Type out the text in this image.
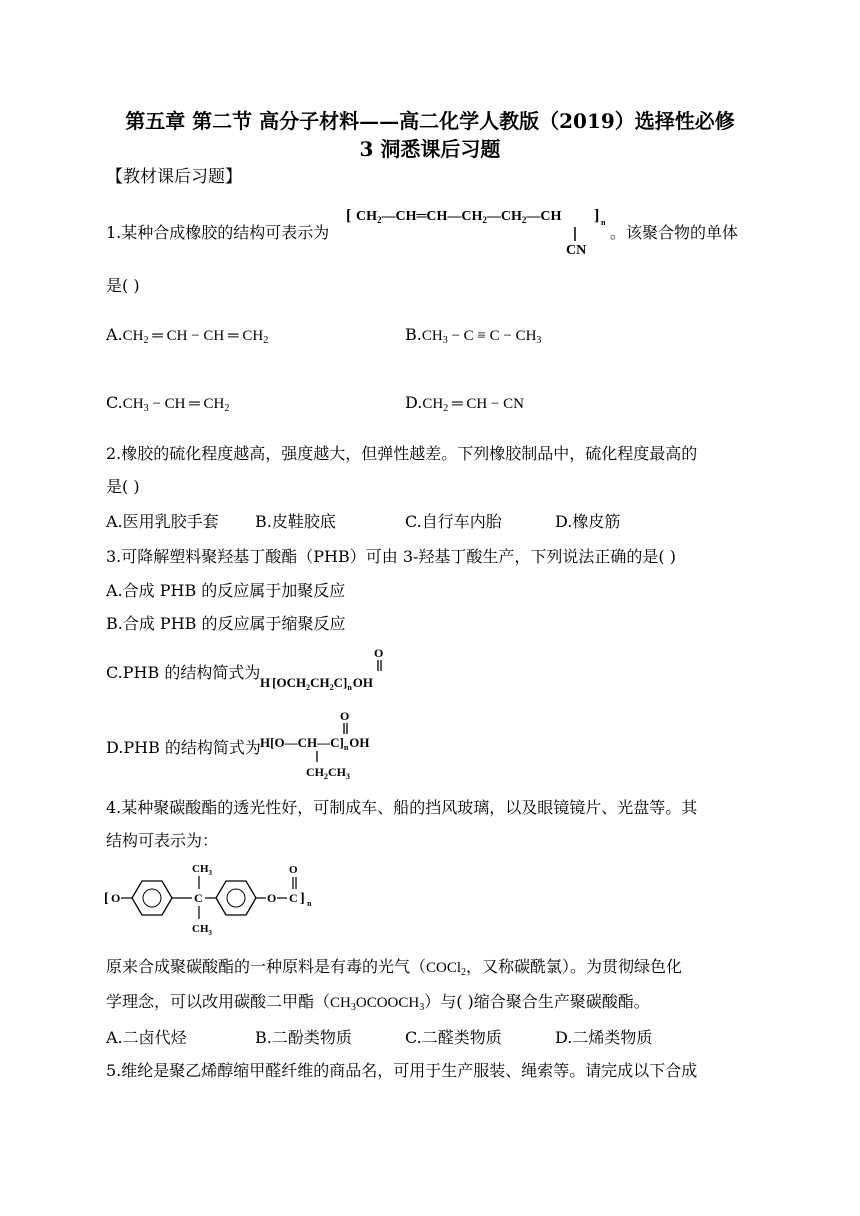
第五章 第二节 高分子材料——高二化学人教版（2019）选择性必修
3 洞悉课后习题
【教材课后习题】
1.某种合成橡胶的结构可表示为
[ $CH_2—CH═CH—CH_2—CH_2—CH$ ] n
CN
。该聚合物的单体
是( )
$A.CH_2$ ═ CH − CH ═ $CH_2$	$B.CH_3 - C \equiv C - CH_3$
$C.CH_3$ − CH ═ $CH_2$	$D.CH_2$ ═ CH − CN
2.橡胶的硫化程度越高，强度越大，但弹性越差。下列橡胶制品中，硫化程度最高的
是( )
A.医用乳胶手套 B.皮鞋胶底	C.自行车内胎	D.橡皮筋
3.可降解塑料聚羟基丁酸酯（PHB）可由 3-羟基丁酸生产，下列说法正确的是( )
A.合成 PHB 的反应属于加聚反应
B.合成 PHB 的反应属于缩聚反应
C.PHB 的结构简式为
O
H $[OCH_2CH_2C]_nOH$
D.PHB 的结构简式为
O
$H[O—CH—C]_nOH$
$CH_2CH_3$
4.某种聚碳酸酯的透光性好，可制成车、船的挡风玻璃，以及眼镜镜片、光盘等。其
结构可表示为：
[ O	C
$CH_3$
$CH_3$
O C
O
] n
原来合成聚碳酸酯的一种原料是有毒的光气（COCl$_2$，又称碳酰氯）。为贯彻绿色化
学理念，可以改用碳酸二甲酯$(CH_3OCOOCH_3)$与( )缩合聚合生产聚碳酸酯。
A.二卤代烃	B.二酚类物质	C.二醛类物质	D.二烯类物质
5.维纶是聚乙烯醇缩甲醛纤维的商品名，可用于生产服装、绳索等。请完成以下合成
